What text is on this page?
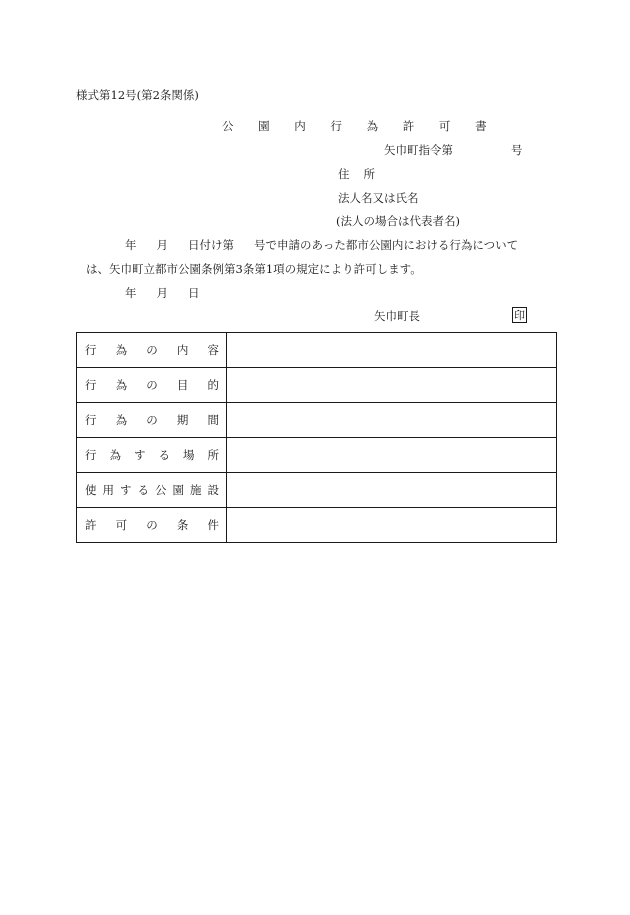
様式第12号(第2条関係)
公 園 内 行 為 許 可 書
矢巾町指令第	号
住 所
法人名又は氏名
(法人の場合は代表者名)
年 月 日付け第 号で申請のあった都市公園内における行為について
は、矢巾町立都市公園条例第3条第1項の規定により許可します。
年 月 日
矢巾町長	印
行為の内容	
行為の目的	
行為の期間	
行為する場所	
使用する公園施設	
許可の条件	
